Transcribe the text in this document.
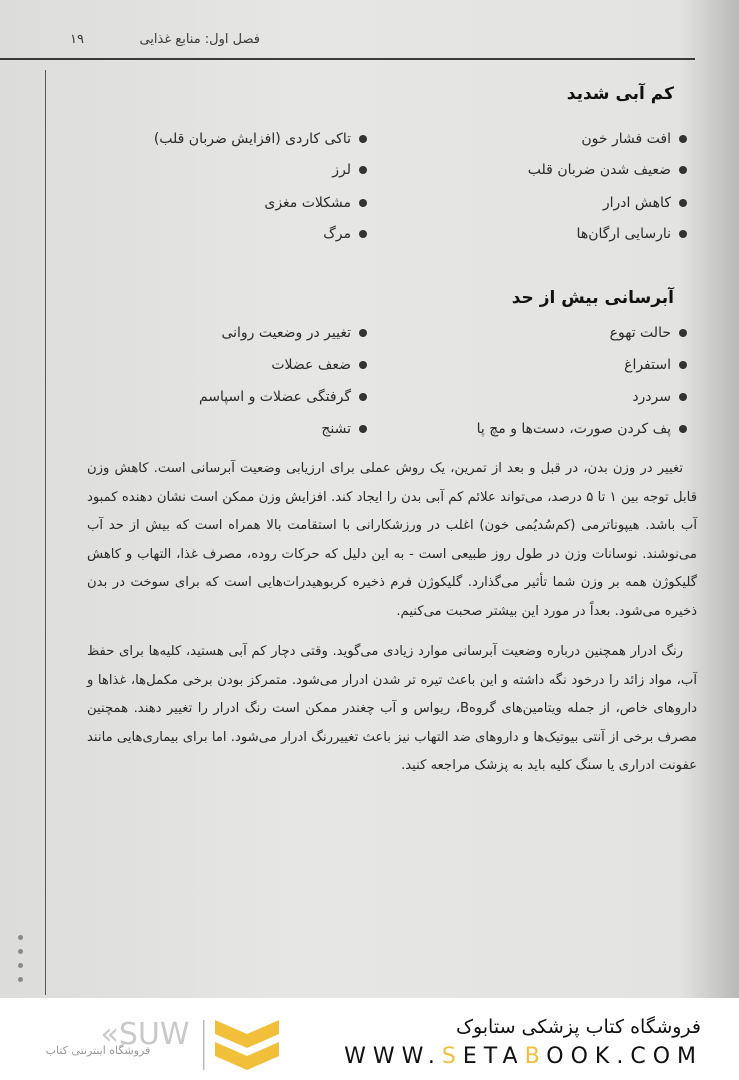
فصل اول: منابع غذایی
۱۹
کم آبی شدید
افت فشار خون
ضعیف شدن ضربان قلب
کاهش ادرار
نارسایی ارگان‌ها
تاکی کاردی (افزایش ضربان قلب)
لرز
مشکلات مغزی
مرگ
آبرسانی بیش از حد
حالت تهوع
استفراغ
سردرد
پف کردن صورت، دست‌ها و مچ پا
تغییر در وضعیت روانی
ضعف عضلات
گرفتگی عضلات و اسپاسم
تشنج

تغییر در وزن بدن، در قبل و بعد از تمرین، یک روش عملی برای ارزیابی وضعیت آبرسانی است. کاهش وزن قابل توجه بین ۱ تا ۵ درصد، می‌تواند علائم کم آبی بدن را ایجاد کند. افزایش وزن ممکن است نشان دهنده کمبود آب باشد. هیپوناترمی (کم‌سُدیُمی خون) اغلب در ورزشکارانی با استقامت بالا همراه است که بیش از حد آب می‌نوشند. نوسانات وزن در طول روز طبیعی است - به این دلیل که حرکات روده، مصرف غذا، التهاب و کاهش گلیکوژن همه بر وزن شما تأثیر می‌گذارد. گلیکوژن فرم ذخیره کربوهیدرات‌هایی است که برای سوخت در بدن ذخیره می‌شود. بعداً در مورد این بیشتر صحبت می‌کنیم.

رنگ ادرار همچنین درباره وضعیت آبرسانی موارد زیادی می‌گوید. وقتی دچار کم آبی هستید، کلیه‌ها برای حفظ آب، مواد زائد را درخود نگه داشته و این باعث تیره تر شدن ادرار می‌شود. متمرکز بودن برخی مکمل‌ها، غذاها و داروهای خاص، از جمله ویتامین‌های گروهB، ریواس و آب چغندر ممکن است رنگ ادرار را تغییر دهند. همچنین مصرف برخی از آنتی بیوتیک‌ها و داروهای ضد التهاب نیز باعث تغییررنگ ادرار می‌شود. اما برای بیماری‌هایی مانند عفونت ادراری یا سنگ کلیه باید به پزشک مراجعه کنید.

فروشگاه کتاب پزشکی ستابوک
WWW.SETABOOK.COM
«SUW
فروشگاه اینترنتی کتاب
